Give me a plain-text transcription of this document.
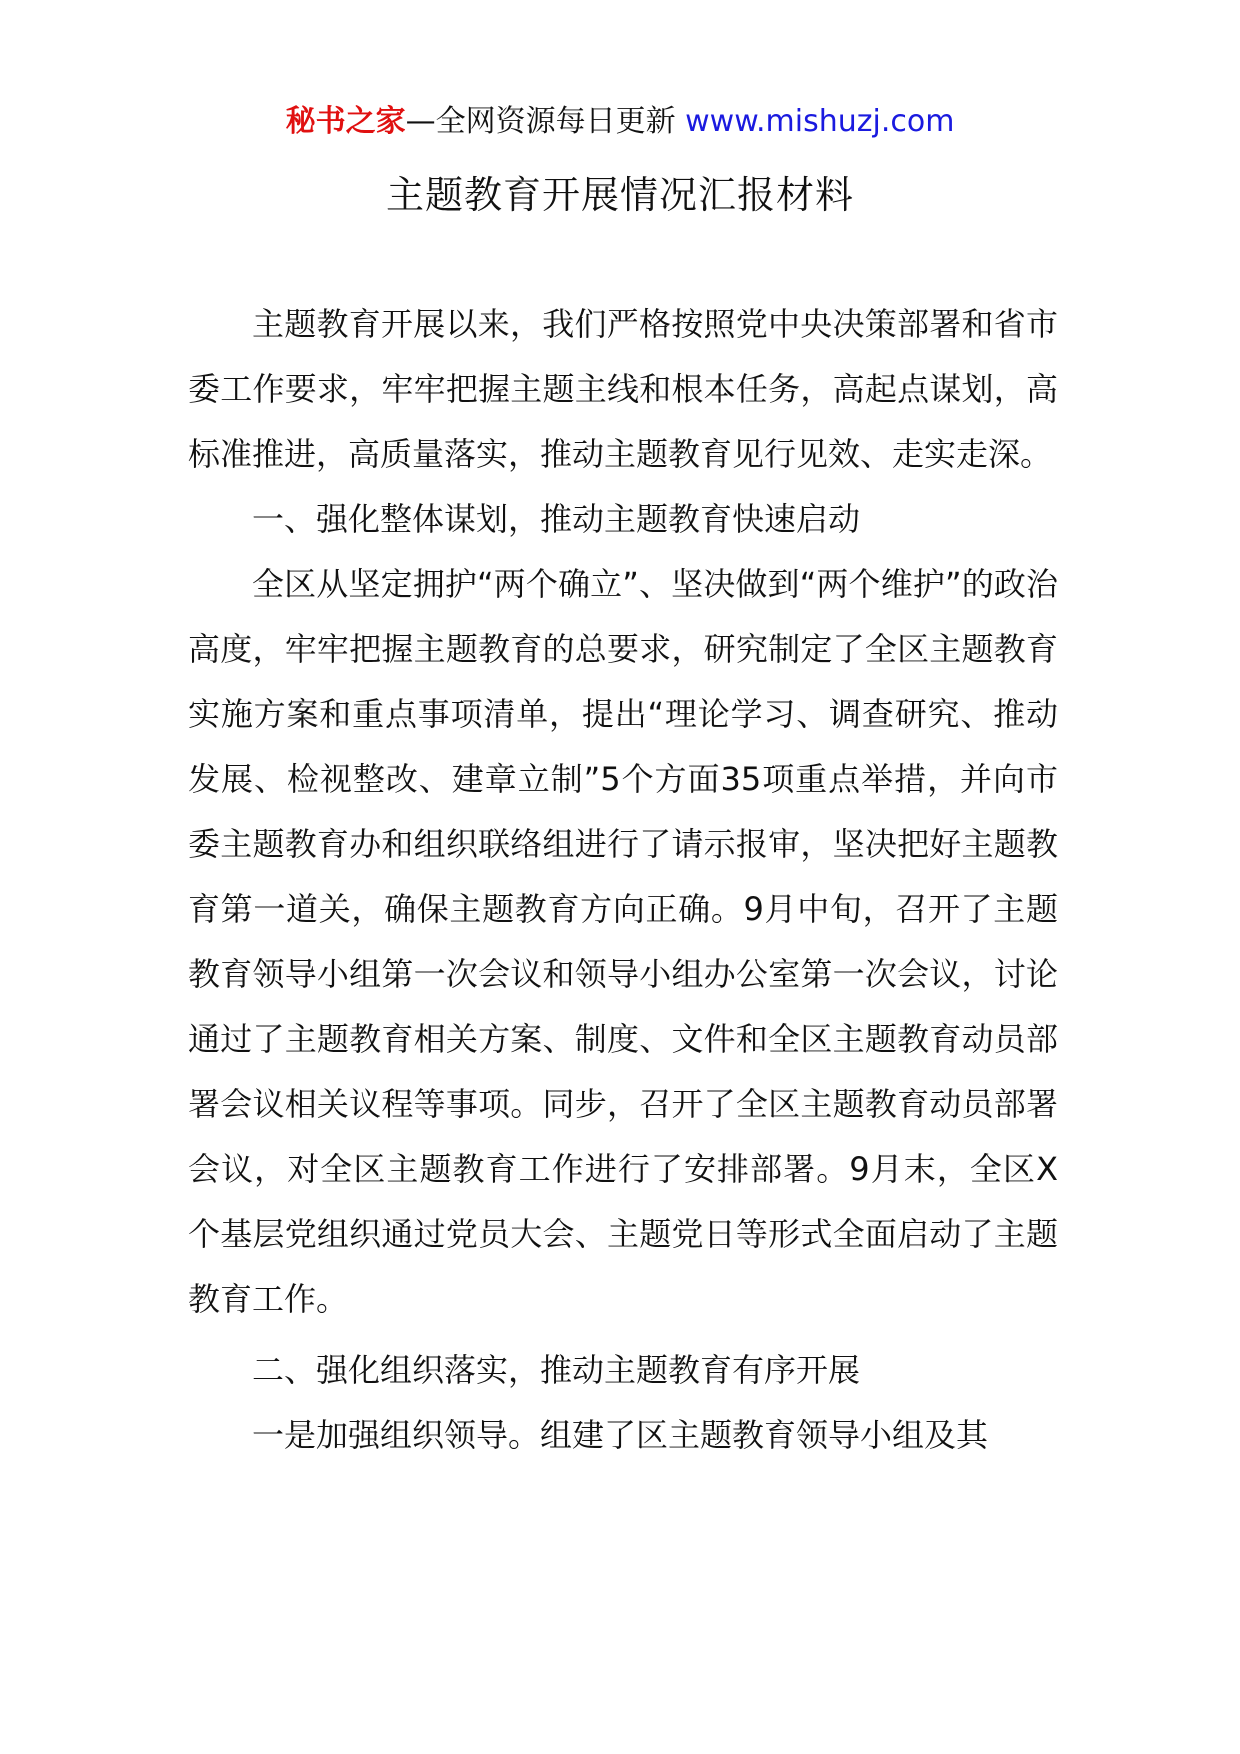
秘书之家—全网资源每日更新 www.mishuzj.com
主题教育开展情况汇报材料

主题教育开展以来，我们严格按照党中央决策部署和省市委工作要求，牢牢把握主题主线和根本任务，高起点谋划，高标准推进，高质量落实，推动主题教育见行见效、走实走深。

一、强化整体谋划，推动主题教育快速启动

全区从坚定拥护“两个确立”、坚决做到“两个维护”的政治高度，牢牢把握主题教育的总要求，研究制定了全区主题教育实施方案和重点事项清单，提出“理论学习、调查研究、推动发展、检视整改、建章立制”5个方面35项重点举措，并向市委主题教育办和组织联络组进行了请示报审，坚决把好主题教育第一道关，确保主题教育方向正确。9月中旬，召开了主题教育领导小组第一次会议和领导小组办公室第一次会议，讨论通过了主题教育相关方案、制度、文件和全区主题教育动员部署会议相关议程等事项。同步，召开了全区主题教育动员部署会议，对全区主题教育工作进行了安排部署。9月末，全区X个基层党组织通过党员大会、主题党日等形式全面启动了主题教育工作。

二、强化组织落实，推动主题教育有序开展

一是加强组织领导。组建了区主题教育领导小组及其
